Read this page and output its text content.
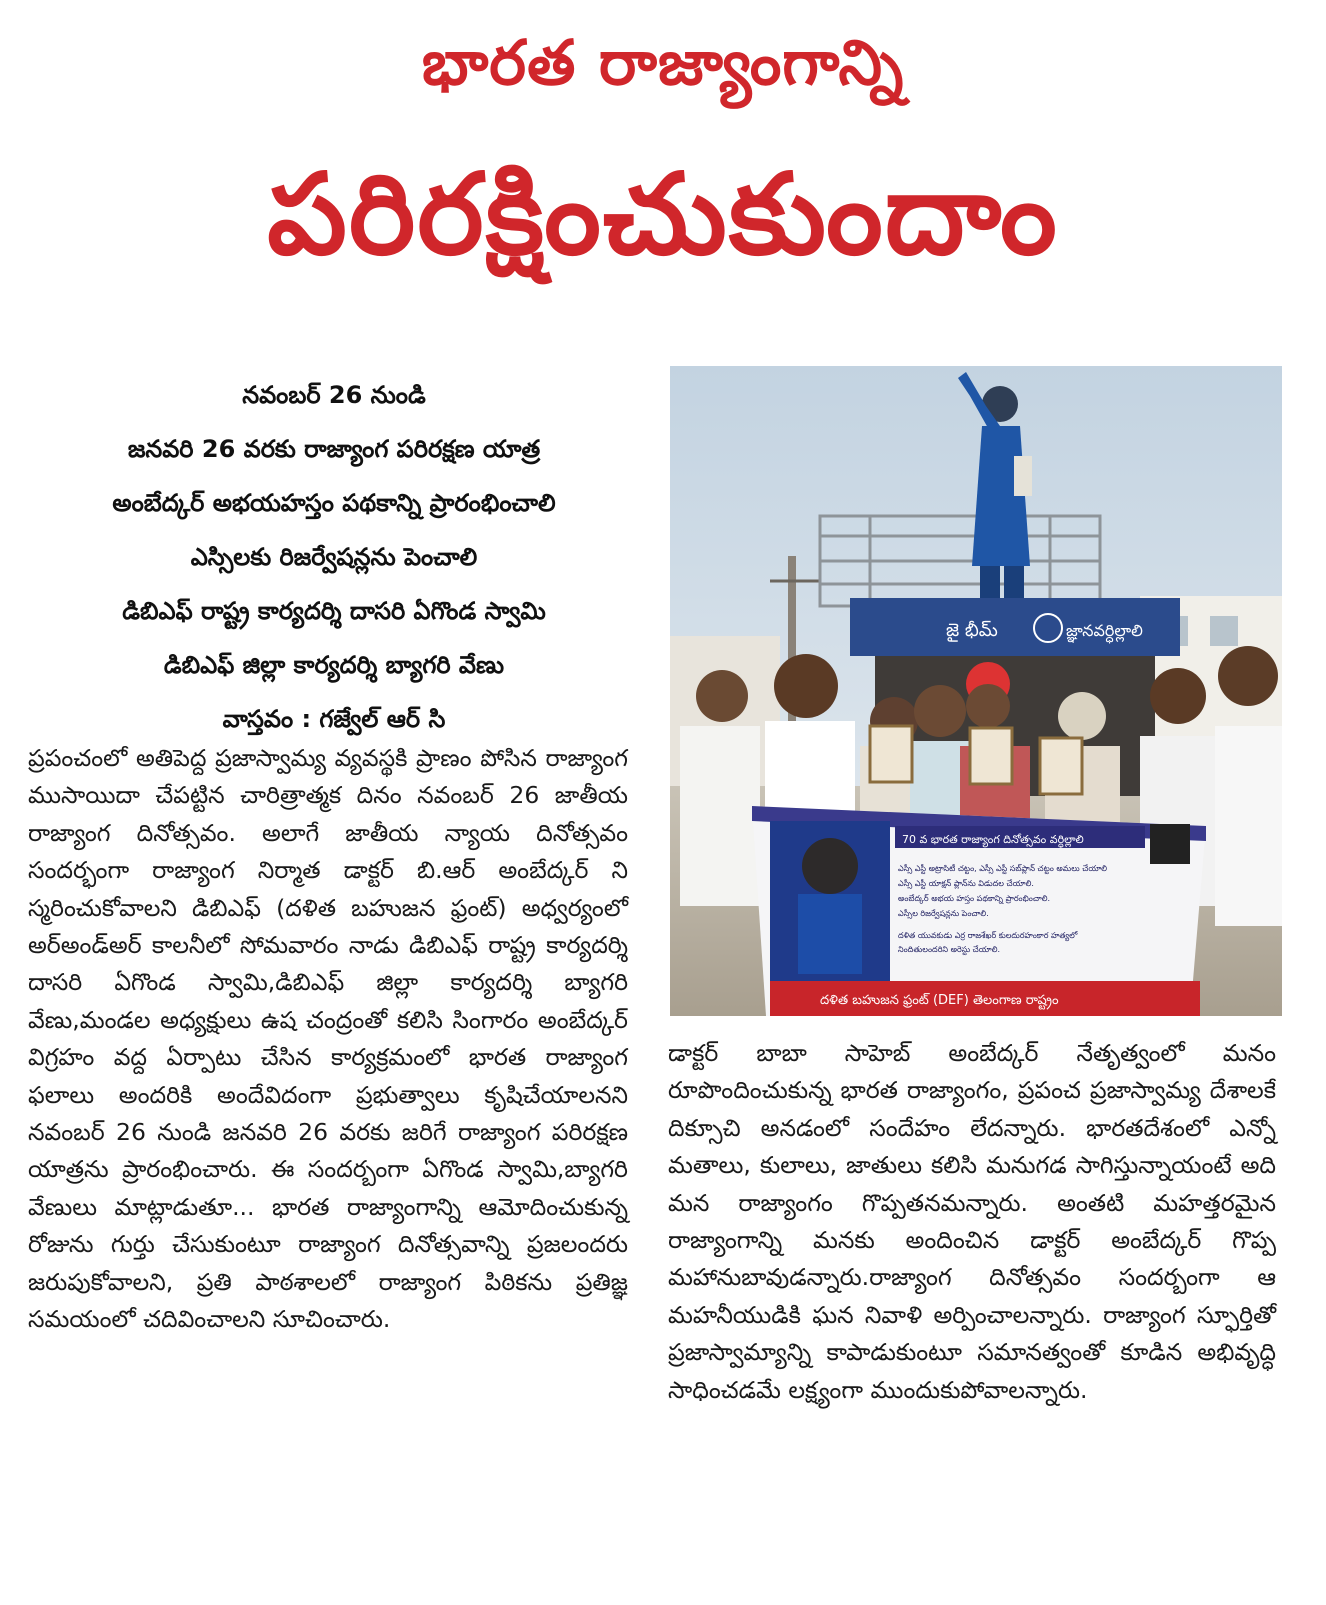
భారత రాజ్యాంగాన్ని
పరిరక్షించుకుందాం
నవంబర్ 26 నుండి
జనవరి 26 వరకు రాజ్యాంగ పరిరక్షణ యాత్ర
అంబేద్కర్ అభయహస్తం పథకాన్ని ప్రారంభించాలి
ఎస్సిలకు రిజర్వేషన్లను పెంచాలి
డిబిఎఫ్ రాష్ట్ర కార్యదర్శి దాసరి ఏగొండ స్వామి
డిబిఎఫ్ జిల్లా కార్యదర్శి బ్యాగరి వేణు
వాస్తవం : గజ్వేల్ ఆర్ సి

ప్రపంచంలో అతిపెద్ద ప్రజాస్వామ్య వ్యవస్థకి ప్రాణం పోసిన రాజ్యాంగ ముసాయిదా చేపట్టిన చారిత్రాత్మక దినం నవంబర్ 26 జాతీయ రాజ్యాంగ దినోత్సవం. అలాగే జాతీయ న్యాయ దినోత్సవం సందర్భంగా రాజ్యాంగ నిర్మాత డాక్టర్ బి.ఆర్ అంబేద్కర్ ని స్మరించుకోవాలని డిబిఎఫ్ (దళిత బహుజన ఫ్రంట్) అధ్వర్యంలో అర్అండ్అర్ కాలనీలో సోమవారం నాడు డిబిఎఫ్ రాష్ట్ర కార్యదర్శి దాసరి ఏగొండ స్వామి,డిబిఎఫ్ జిల్లా కార్యదర్శి బ్యాగరి వేణు,మండల అధ్యక్షులు ఉష చంద్రంతో కలిసి సింగారం అంబేద్కర్ విగ్రహం వద్ద ఏర్పాటు చేసిన కార్యక్రమంలో భారత రాజ్యాంగ ఫలాలు అందరికి అందేవిదంగా ప్రభుత్వాలు కృషిచేయాలనని నవంబర్ 26 నుండి జనవరి 26 వరకు జరిగే రాజ్యాంగ పరిరక్షణ యాత్రను ప్రారంభించారు. ఈ సందర్బంగా ఏగొండ స్వామి,బ్యాగరి వేణులు మాట్లాడుతూ... భారత రాజ్యాంగాన్ని ఆమోదించుకున్న రోజును గుర్తు చేసుకుంటూ రాజ్యాంగ దినోత్సవాన్ని ప్రజలందరు జరుపుకోవాలని, ప్రతి పాఠశాలలో రాజ్యాంగ పిఠికను ప్రతిజ్ఞ సమయంలో చదివించాలని సూచించారు.

డాక్టర్ బాబా సాహెబ్ అంబేద్కర్ నేతృత్వంలో మనం రూపొందించుకున్న భారత రాజ్యాంగం, ప్రపంచ ప్రజాస్వామ్య దేశాలకే దిక్సూచి అనడంలో సందేహం లేదన్నారు. భారతదేశంలో ఎన్నో మతాలు, కులాలు, జాతులు కలిసి మనుగడ సాగిస్తున్నాయంటే అది మన రాజ్యాంగం గొప్పతనమన్నారు. అంతటి మహత్తరమైన రాజ్యాంగాన్ని మనకు అందించిన డాక్టర్ అంబేద్కర్ గొప్ప మహానుబావుడన్నారు.రాజ్యాంగ దినోత్సవం సందర్బంగా ఆ మహనీయుడికి ఘన నివాళి అర్పించాలన్నారు. రాజ్యాంగ స్ఫూర్తితో ప్రజాస్వామ్యాన్ని కాపాడుకుంటూ సమానత్వంతో కూడిన అభివృద్ధి సాధించడమే లక్ష్యంగా ముందుకుపోవాలన్నారు.

జై భీమ్	జ్ఞానవర్ధిల్లాలి
70 వ భారత రాజ్యాంగ దినోత్సవం వర్ధిల్లాలి
ఎస్సీ ఎస్టీ అట్రాసిటీ చట్టం, ఎస్సీ ఎస్టీ సబ్‌ప్లాన్ చట్టం అమలు చేయాలి
ఎస్సీ ఎస్టీ యాక్షన్ ప్లాన్‌ను విడుదల చేయాలి.
అంబేద్కర్ అభయ హస్తం పథకాన్ని ప్రారంభించాలి.
ఎస్సీల రిజర్వేషన్లను పెంచాలి.
దళిత యువకుడు ఎర్ర రాజశేఖర్ కులదురహంకార హత్యలో
నిందితులందరిని అరెస్టు చేయాలి.
దళిత బహుజన ఫ్రంట్ (DEF) తెలంగాణ రాష్ట్రం
